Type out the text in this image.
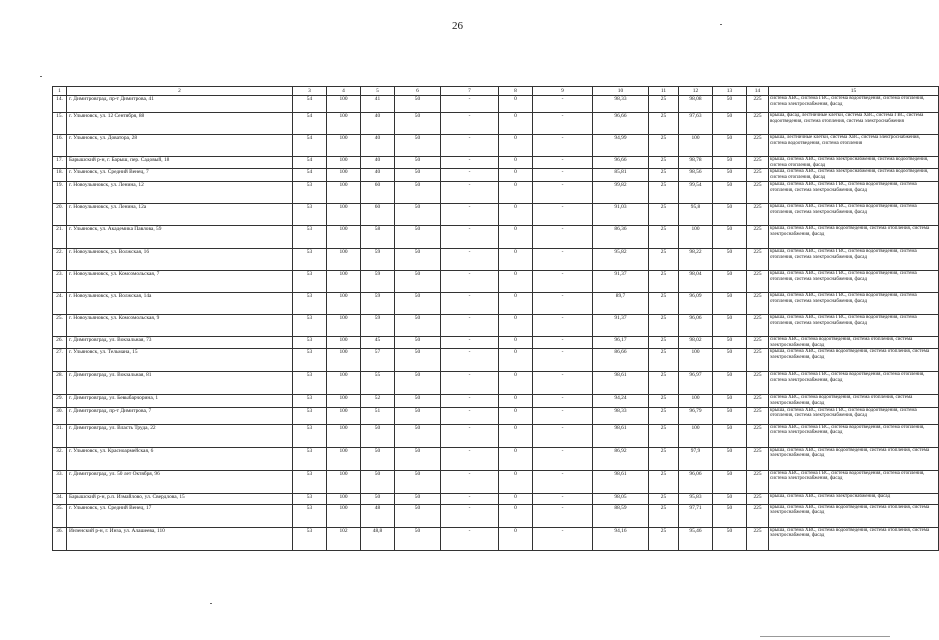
26
1	2	3	4	5	6	7	8	9	10	11	12	13	14	15
14.	г. Димитровград, пр-т Димитрова, 41	54	100	41	50	-	0	-	98,33	25	98,08	50	225	система ХВС, система ГВС, система водоотведения, система отопления, система электроснабжения, фасад
15.	г. Ульяновск, ул. 12 Сентября, 88	54	100	40	50	-	0	-	96,66	25	97,63	50	225	крыша, фасад, лестничные клетки, система ХВС, система ГВС, система водоотведения, система отопления, система электроснабжения
16.	г. Ульяновск, ул. Доватора, 28	54	100	40	50	-	0	-	94,99	25	100	50	225	крыша, лестничные клетки, система ХВС, система электроснабжения, система водоотведения, система отопления
17.	Барышский р-н, г. Барыш, пер. Садовый, 18	54	100	40	50	-	0	-	96,66	25	98,78	50	225	крыша, система ХВС, система электроснабжения, система водоотведения, система отопления, фасад
18.	г. Ульяновск, ул. Средний Венец, 7	54	100	40	50	-	0	-	85,81	25	98,56	50	225	крыша, система ХВС, система электроснабжения, система водоотведения, система отопления, фасад
19.	г. Новоульяновск, ул. Ленина, 12	53	100	60	50	-	0	-	99,82	25	99,54	50	225	крыша, система ХВС, система ГВС, система водоотведения, система отопления, система электроснабжения, фасад
20.	г. Новоульяновск, ул. Ленина, 12а	53	100	60	50	-	0	-	91,03	25	95,8	50	225	крыша, система ХВС, система ГВС, система водоотведения, система отопления, система электроснабжения, фасад
21.	г. Ульяновск, ул. Академика Павлова, 59	53	100	58	50	-	0	-	86,36	25	100	50	225	крыша, система ХВС, система водоотведения, система отопления, система электроснабжения, фасад
22.	г. Новоульяновск, ул. Волжская, 16	53	100	59	50	-	0	-	95,82	25	98,22	50	225	крыша, система ХВС, система ГВС, система водоотведения, система отопления, система электроснабжения, фасад
23.	г. Новоульяновск, ул. Комсомольская, 7	53	100	59	50	-	0	-	91,37	25	98,04	50	225	крыша, система ХВС, система ГВС, система водоотведения, система отопления, система электроснабжения, фасад
24.	г. Новоульяновск, ул. Волжская, 14а	53	100	59	50	-	0	-	89,7	25	96,09	50	225	крыша, система ХВС, система ГВС, система водоотведения, система отопления, система электроснабжения, фасад
25.	г. Новоульяновск, ул. Комсомольская, 9	53	100	59	50	-	0	-	91,37	25	96,06	50	225	крыша, система ХВС, система ГВС, система водоотведения, система отопления, система электроснабжения, фасад
26.	г. Димитровград, ул. Вокзальная, 73	53	100	45	50	-	0	-	96,17	25	98,02	50	225	система ХВС, система водоотведения, система отопления, система электроснабжения, фасад
27.	г. Ульяновск, ул. Тельмана, 15	53	100	57	50	-	0	-	86,66	25	100	50	225	крыша, система ХВС, система водоотведения, система отопления, система электроснабжения, фасад
28.	г. Димитровград, ул. Вокзальная, 81	53	100	55	50	-	0	-	98,61	25	96,97	50	225	система ХВС, система ГВС, система водоотведения, система отопления, система электроснабжения, фасад
29.	г. Димитровград, ул. Бевыбарчорина, 1	53	100	52	50	-	0	-	94,24	25	100	50	225	система ХВС, система водоотведения, система отопления, система электроснабжения, фасад
30.	г. Димитровград, пр-т Димитрова, 7	53	100	51	50	-	0	-	98,33	25	96,79	50	225	крыша, система ХВС, система ГВС, система водоотведения, система отопления, система электроснабжения, фасад
31.	г. Димитровград, ул. Власть Труда, 22	53	100	50	50	-	0	-	98,61	25	100	50	225	система ХВС, система ГВС, система водоотведения, система отопления, система электроснабжения, фасад
32.	г. Ульяновск, ул. Красноармейская, 6	53	100	50	50	-	0	-	86,92	25	97,9	50	225	крыша, система ХВС, система водоотведения, система отопления, система электроснабжения, фасад
33.	г. Димитровград, ул. 50 лет Октября, 96	53	100	50	50	-	0	-	98,61	25	96,06	50	225	система ХВС, система ГВС, система водоотведения, система отопления, система электроснабжения, фасад
34.	Барышский р-н, р.п. Измайлово, ул. Свердлова, 15	53	100	50	50	-	0	-	98,05	25	95,83	50	225	крыша, система ХВС, система электроснабжения, фасад
35.	г. Ульяновск, ул. Средний Венец, 17	53	100	48	50	-	0	-	88,59	25	97,71	50	225	крыша, система ХВС, система водоотведения, система отопления, система электроснабжения, фасад
36.	Инзенский р-н, г. Инза, ул. Алашеева, 110	53	102	48,8	50	-	0	-	94,16	25	95,46	50	225	крыша, система ХВС, система водоотведения, система отопления, система электроснабжения, фасад
